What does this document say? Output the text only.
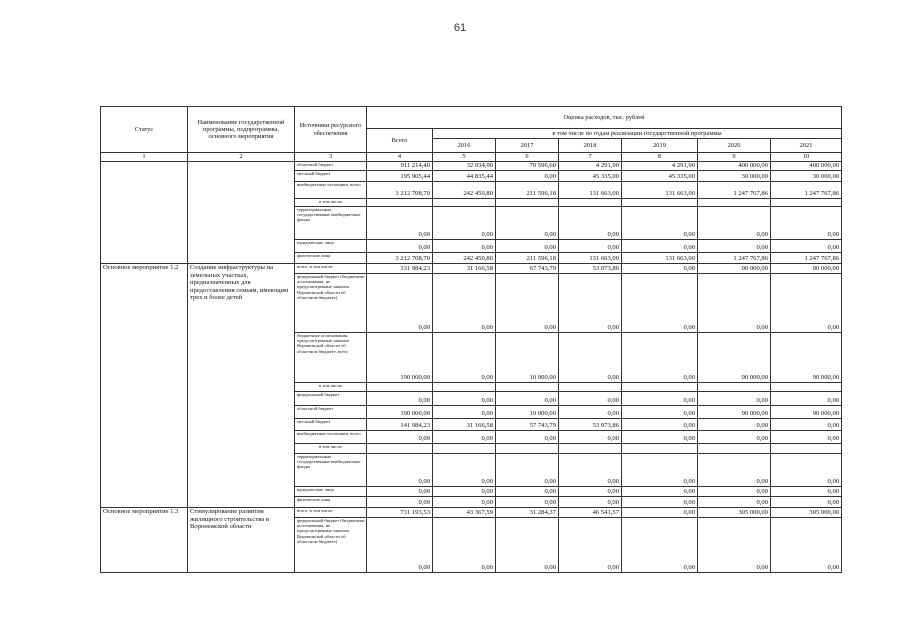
61
Статус	Наименование государственной программы, подпрограммы, основного мероприятия	Источники ресурсного обеспечения	Оценка расходов, тыс. рублей						
			Всего	в том числе по годам реализации государственной программы					
				2016	2017	2018	2019	2020	2021
1	2	3	4	5	6	7	8	9	10
		областной бюджет	911 214,40	32 034,00	70 596,60	4 291,90	4 291,90	400 000,00	400 000,00
		местный бюджет	195 905,44	44 835,44	0,00	45 335,00	45 335,00	30 000,00	30 000,00
		внебюджетные источники, всего	3 212 708,70	242 450,80	211 596,18	131 663,00	131 663,00	1 247 767,86	1 247 767,86
		в том числе:							
		территориальные государственные внебюджетные фонды	0,00	0,00	0,00	0,00	0,00	0,00	0,00
		юридические лица	0,00	0,00	0,00	0,00	0,00	0,00	0,00
		физические лица	3 212 708,70	242 450,80	211 596,18	131 663,00	131 663,00	1 247 767,86	1 247 767,86
Основное мероприятие 1.2	Создание инфраструктуры на земельных участках, предназначенных для предоставления семьям, имеющим трех и более детей	всего, в том числе:	331 984,23	31 166,58	67 743,79	53 073,86	0,00	90 000,00	90 000,00
		федеральный бюджет (бюджетные ассигнования, не предусмотренные законом Воронежской области об областном бюджете)	0,00	0,00	0,00	0,00	0,00	0,00	0,00
		бюджетные ассигнования, предусмотренные законом Воронежской области об областном бюджете, всего	190 000,00	0,00	10 000,00	0,00	0,00	90 000,00	90 000,00
		в том числе:							
		федеральный бюджет	0,00	0,00	0,00	0,00	0,00	0,00	0,00
		областной бюджет	190 000,00	0,00	10 000,00	0,00	0,00	90 000,00	90 000,00
		местный бюджет	141 984,23	31 166,58	57 743,79	53 073,86	0,00	0,00	0,00
		внебюджетные источники, всего	0,00	0,00	0,00	0,00	0,00	0,00	0,00
		в том числе:							
		территориальные государственные внебюджетные фонды	0,00	0,00	0,00	0,00	0,00	0,00	0,00
		юридические лица	0,00	0,00	0,00	0,00	0,00	0,00	0,00
		физические лица	0,00	0,00	0,00	0,00	0,00	0,00	0,00
Основное мероприятие 1.3	Стимулирование развития жилищного строительства в Воронежской области	всего, в том числе:	731 193,53	43 367,59	31 284,37	46 541,57	0,00	305 000,00	305 000,00
		федеральный бюджет (бюджетные ассигнования, не предусмотренные законом Воронежской области об областном бюджете)	0,00	0,00	0,00	0,00	0,00	0,00	0,00
